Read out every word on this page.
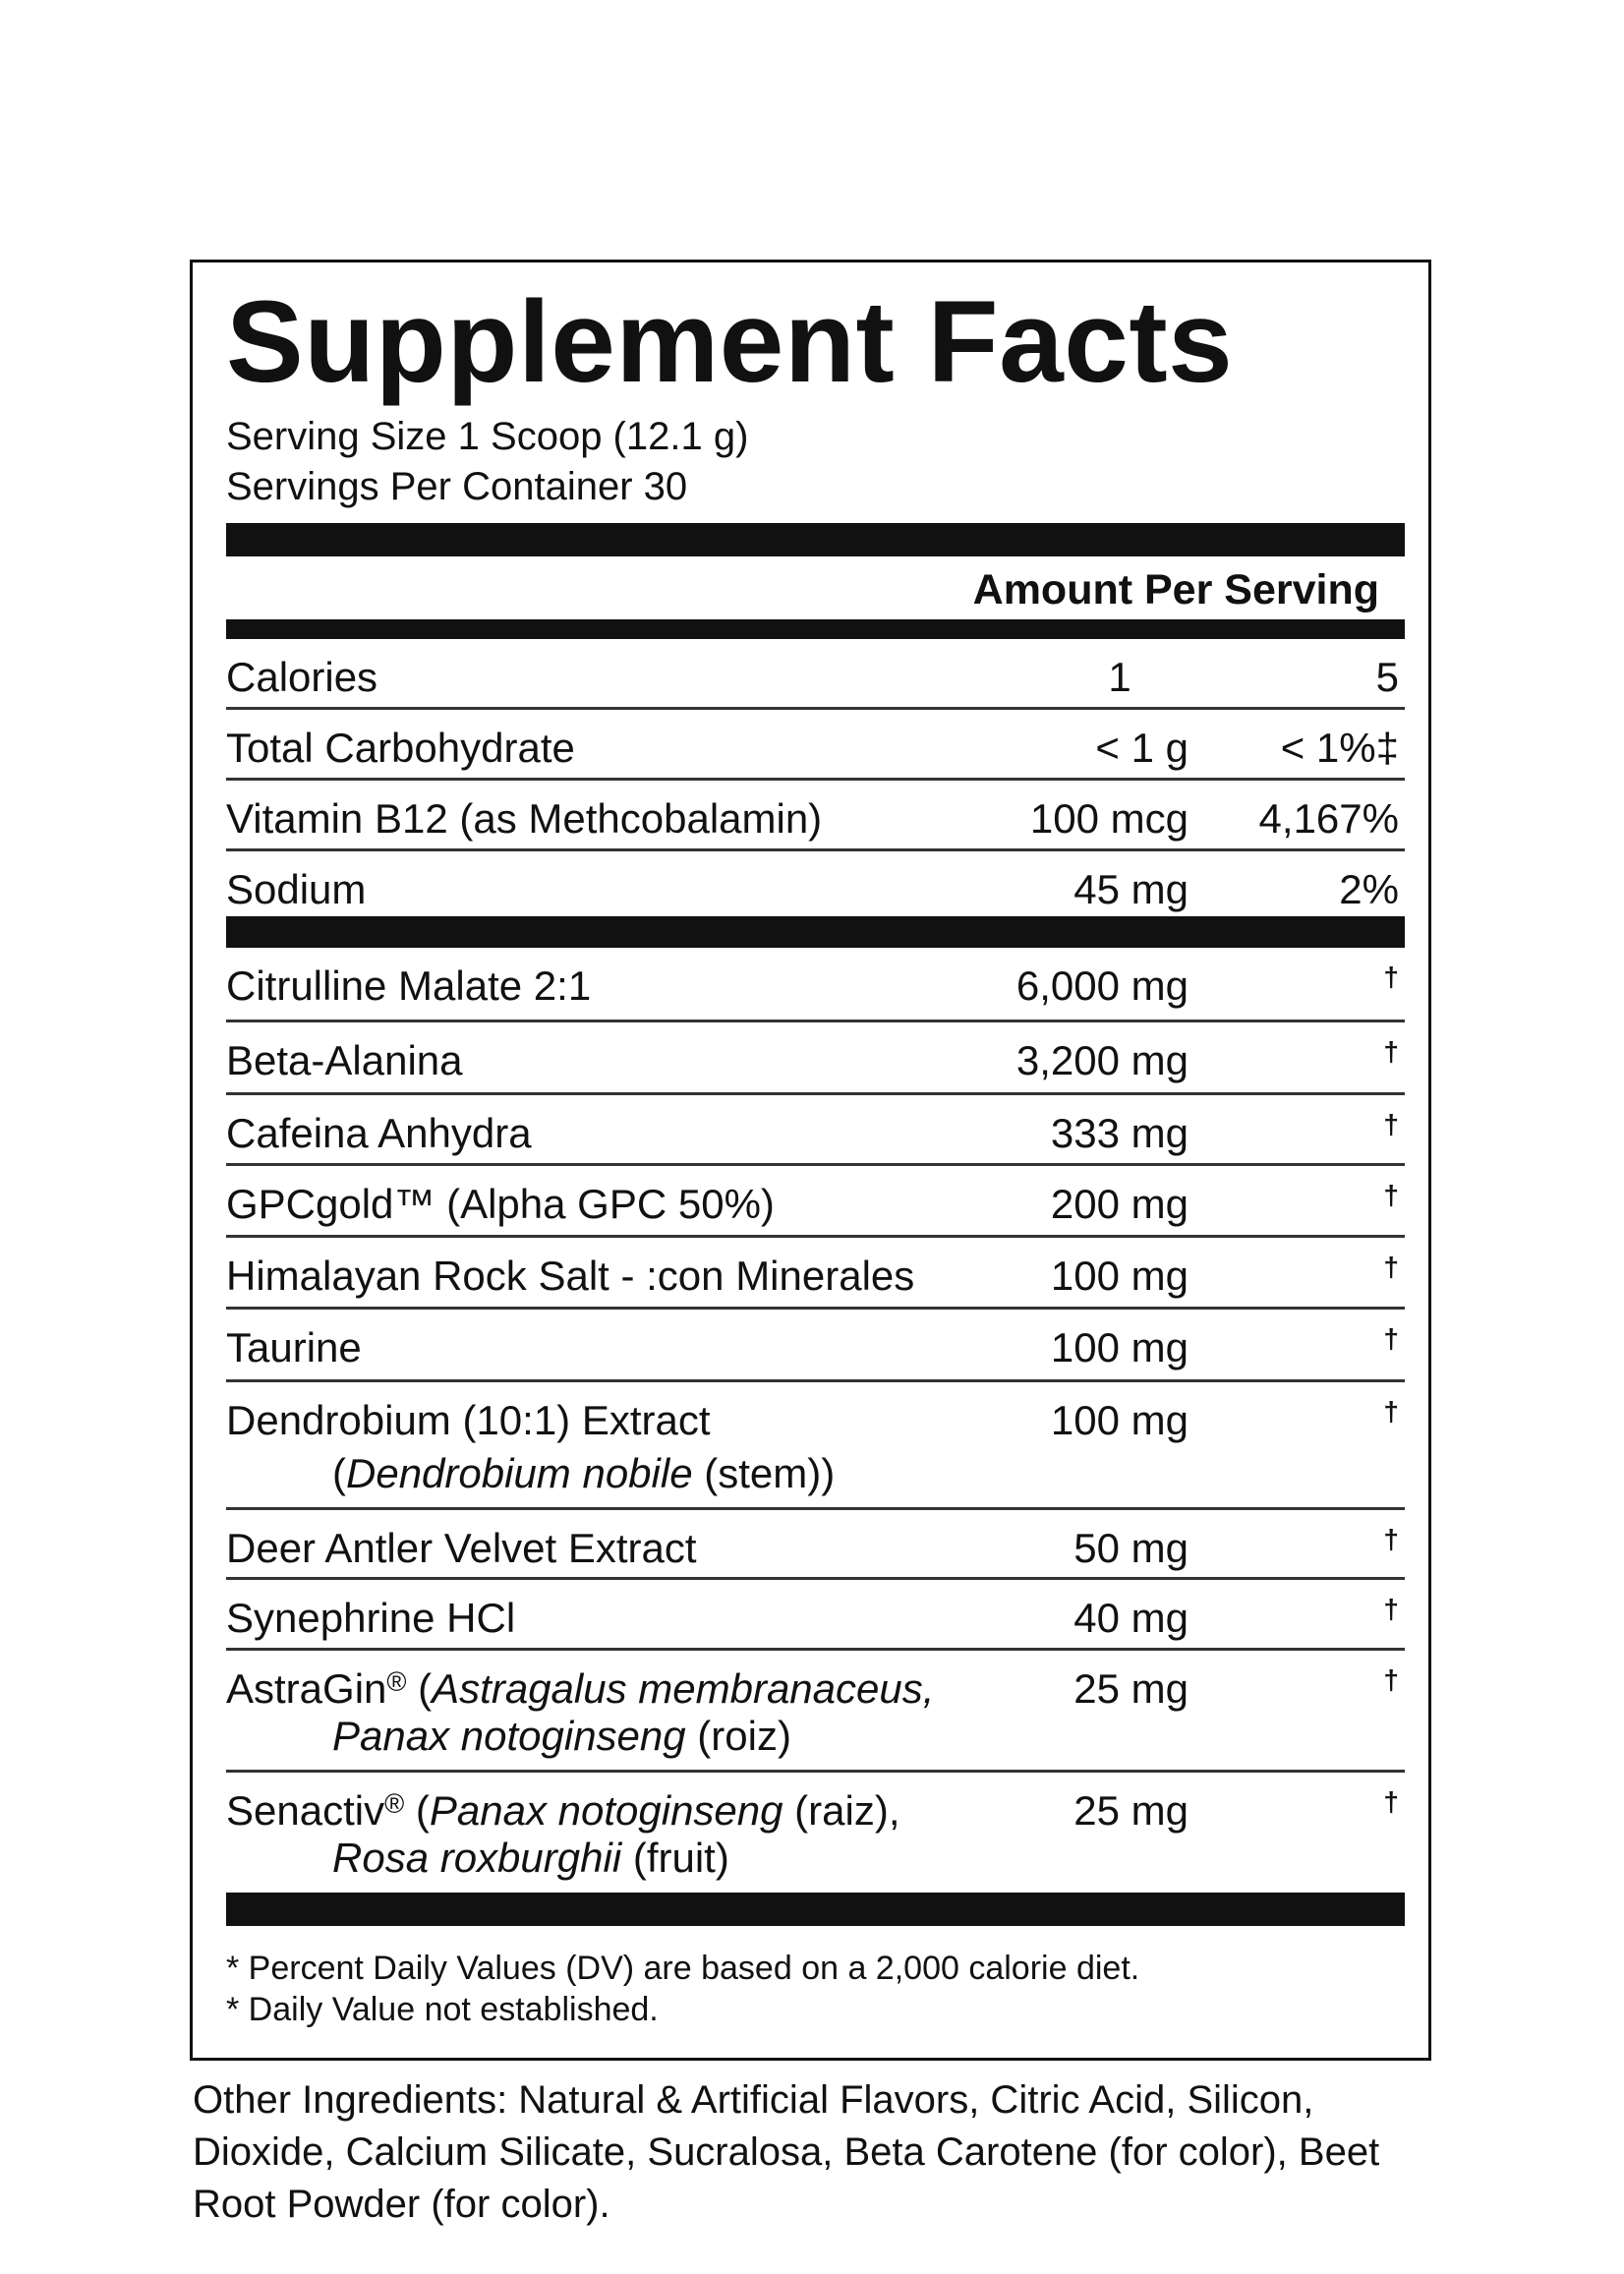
Supplement Facts
Serving Size 1 Scoop (12.1 g)
Servings Per Container 30
Amount Per Serving
Calories	1	5
Total Carbohydrate	< 1 g < 1%‡
Vitamin B12 (as Methcobalamin)	100 mcg 4,167%
Sodium	45 mg	2%
Citrulline Malate 2:1	6,000 mg	†
Beta-Alanina	3,200 mg	†
Cafeina Anhydra	333 mg	†
GPCgold™ (Alpha GPC 50%)	200 mg	†
Himalayan Rock Salt - :con Minerales	100 mg	†
Taurine	100 mg	†
Dendrobium (10:1) Extract
(Dendrobium nobile (stem))
100 mg	†
Deer Antler Velvet Extract	50 mg	†
Synephrine HCl	40 mg	†
AstraGin® (Astragalus membranaceus,
Panax notoginseng (roiz)
25 mg	†
Senactiv® (Panax notoginseng (raiz),
Rosa roxburghii (fruit)
25 mg	†
* Percent Daily Values (DV) are based on a 2,000 calorie diet.
* Daily Value not established.
Other Ingredients: Natural & Artificial Flavors, Citric Acid, Silicon, Dioxide, Calcium Silicate, Sucralosa, Beta Carotene (for color), Beet Root Powder (for color).
